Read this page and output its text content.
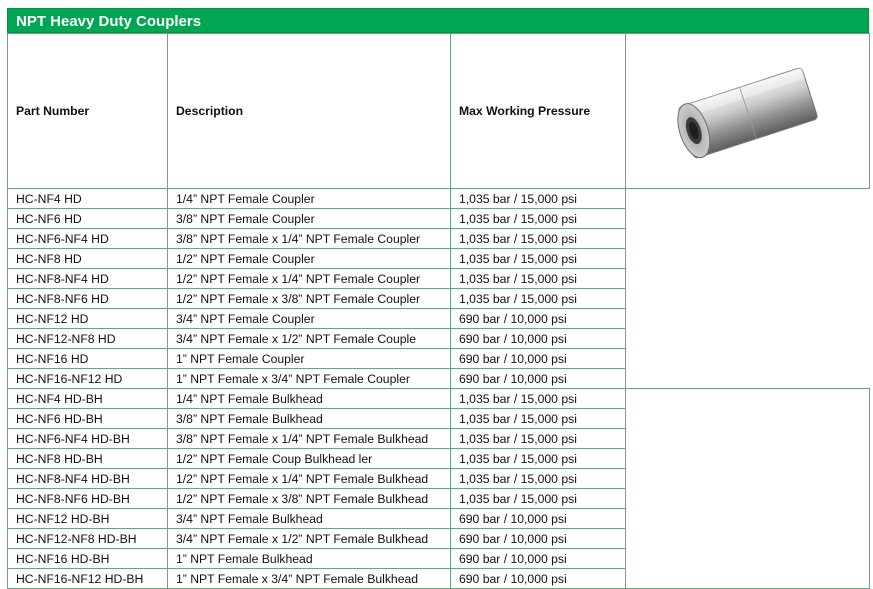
NPT Heavy Duty Couplers
Part Number	Description	Max Working Pressure	

HC-NF4 HD	1/4” NPT Female Coupler	1,035 bar / 15,000 psi	
HC-NF6 HD	3/8” NPT Female Coupler	1,035 bar / 15,000 psi	
HC-NF6-NF4 HD	3/8” NPT Female x 1/4” NPT Female Coupler	1,035 bar / 15,000 psi	
HC-NF8 HD	1/2” NPT Female Coupler	1,035 bar / 15,000 psi	
HC-NF8-NF4 HD	1/2” NPT Female x 1/4” NPT Female Coupler	1,035 bar / 15,000 psi	
HC-NF8-NF6 HD	1/2” NPT Female x 3/8” NPT Female Coupler	1,035 bar / 15,000 psi	
HC-NF12 HD	3/4” NPT Female Coupler	690 bar / 10,000 psi	
HC-NF12-NF8 HD	3/4” NPT Female x 1/2” NPT Female Couple	690 bar / 10,000 psi	
HC-NF16 HD	1” NPT Female Coupler	690 bar / 10,000 psi	
HC-NF16-NF12 HD	1” NPT Female x 3/4” NPT Female Coupler	690 bar / 10,000 psi	
HC-NF4 HD-BH	1/4” NPT Female Bulkhead	1,035 bar / 15,000 psi	
HC-NF6 HD-BH	3/8” NPT Female Bulkhead	1,035 bar / 15,000 psi	
HC-NF6-NF4 HD-BH	3/8” NPT Female x 1/4” NPT Female Bulkhead	1,035 bar / 15,000 psi	
HC-NF8 HD-BH	1/2” NPT Female Coup Bulkhead ler	1,035 bar / 15,000 psi	
HC-NF8-NF4 HD-BH	1/2” NPT Female x 1/4” NPT Female Bulkhead	1,035 bar / 15,000 psi	
HC-NF8-NF6 HD-BH	1/2” NPT Female x 3/8” NPT Female Bulkhead	1,035 bar / 15,000 psi	
HC-NF12 HD-BH	3/4” NPT Female Bulkhead	690 bar / 10,000 psi	
HC-NF12-NF8 HD-BH	3/4” NPT Female x 1/2” NPT Female Bulkhead	690 bar / 10,000 psi	
HC-NF16 HD-BH	1” NPT Female Bulkhead	690 bar / 10,000 psi	
HC-NF16-NF12 HD-BH	1” NPT Female x 3/4” NPT Female Bulkhead	690 bar / 10,000 psi	
